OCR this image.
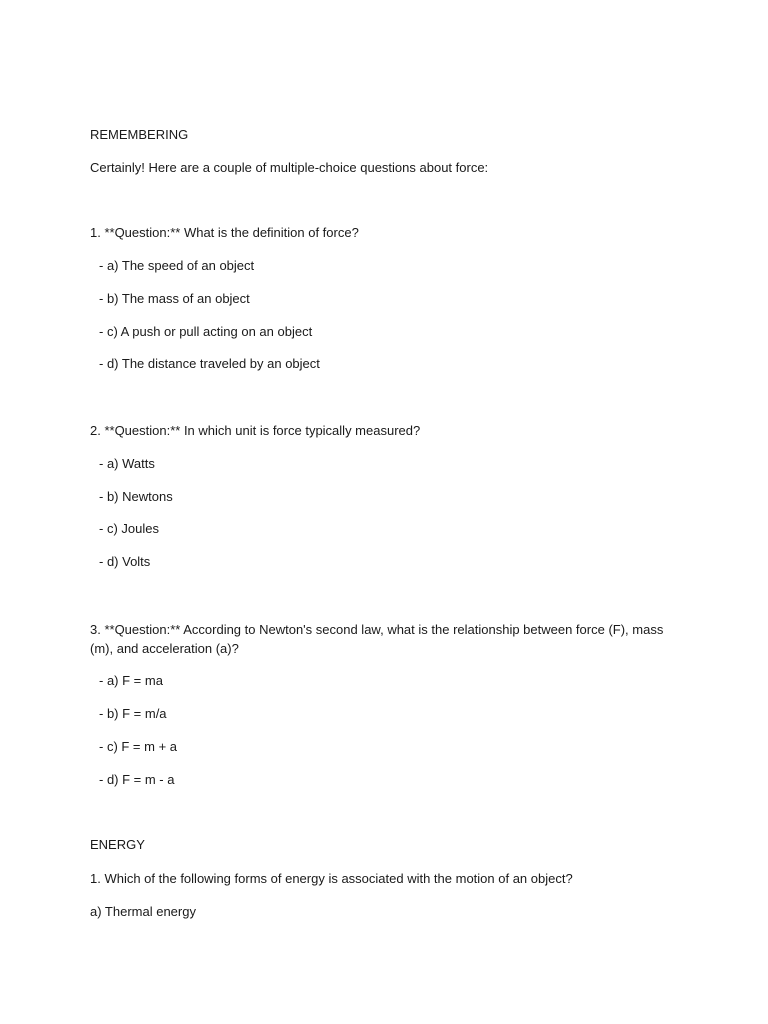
REMEMBERING
Certainly! Here are a couple of multiple-choice questions about force:
1. **Question:** What is the definition of force?
- a) The speed of an object
- b) The mass of an object
- c) A push or pull acting on an object
- d) The distance traveled by an object
2. **Question:** In which unit is force typically measured?
- a) Watts
- b) Newtons
- c) Joules
- d) Volts
3. **Question:** According to Newton's second law, what is the relationship between force (F), mass (m), and acceleration (a)?
- a) F = ma
- b) F = m/a
- c) F = m + a
- d) F = m - a
ENERGY
1. Which of the following forms of energy is associated with the motion of an object?
a) Thermal energy
